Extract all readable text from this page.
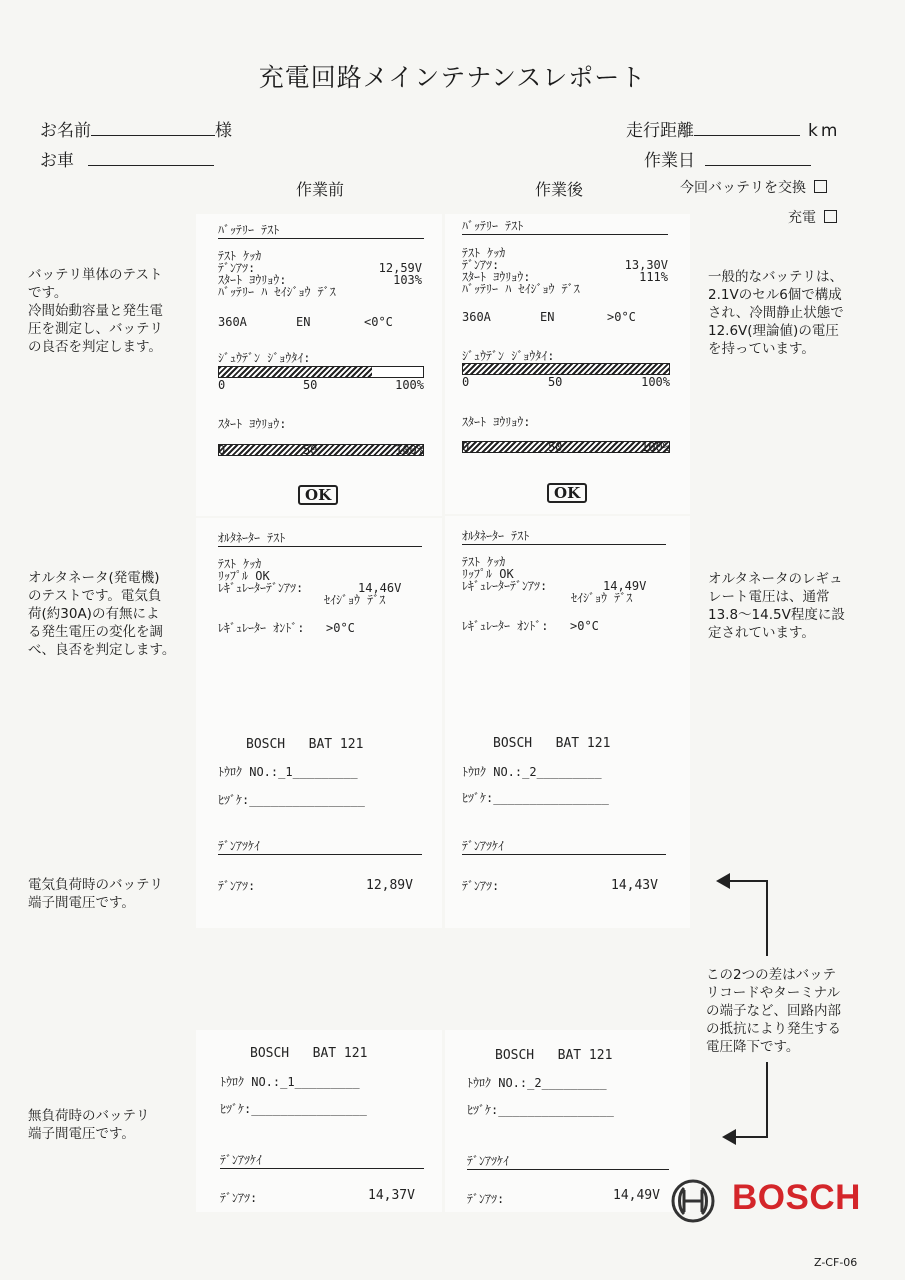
充電回路メインテナンスレポート
お名前	様
お車
走行距離	km
作業日
今回バッテリを交換
充電
作業前	作業後
バッテリ単体のテスト
です。
冷間始動容量と発生電
圧を測定し、バッテリ
の良否を判定します。
オルタネータ(発電機)
のテストです。電気負
荷(約30A)の有無によ
る発生電圧の変化を調
べ、良否を判定します。
電気負荷時のバッテリ
端子間電圧です。
無負荷時のバッテリ
端子間電圧です。
一般的なバッテリは、
2.1Vのセル6個で構成
され、冷間静止状態で
12.6V(理論値)の電圧
を持っています。
オルタネータのレギュ
レート電圧は、通常
13.8〜14.5V程度に設
定されています。
この2つの差はバッテ
リコードやターミナル
の端子など、回路内部
の抵抗により発生する
電圧降下です。
ﾊﾞｯﾃﾘｰ ﾃｽﾄ
ﾃｽﾄ ｹｯｶ
ﾃﾞﾝｱﾂ:	12,59V
ｽﾀｰﾄ ﾖｳﾘｮｳ:	103%
ﾊﾞｯﾃﾘｰ ﾊ ｾｲｼﾞｮｳ ﾃﾞｽ
360A	EN	<0°C
ｼﾞｭｳﾃﾞﾝ ｼﾞｮｳﾀｲ:
0	50	100%
ｽﾀｰﾄ ﾖｳﾘｮｳ:
0	50	100%
OK
ﾊﾞｯﾃﾘｰ ﾃｽﾄ
ﾃｽﾄ ｹｯｶ
ﾃﾞﾝｱﾂ:	13,30V
ｽﾀｰﾄ ﾖｳﾘｮｳ:	111%
ﾊﾞｯﾃﾘｰ ﾊ ｾｲｼﾞｮｳ ﾃﾞｽ
360A	EN	>0°C
ｼﾞｭｳﾃﾞﾝ ｼﾞｮｳﾀｲ:
0	50	100%
ｽﾀｰﾄ ﾖｳﾘｮｳ:
0	50	100%
OK
ｵﾙﾀﾈｰﾀｰ ﾃｽﾄ
ﾃｽﾄ ｹｯｶ
ﾘｯﾌﾟﾙ OK
ﾚｷﾞｭﾚｰﾀｰﾃﾞﾝｱﾂ:	14,46V
ｾｲｼﾞｮｳ ﾃﾞｽ
ﾚｷﾞｭﾚｰﾀｰ ｵﾝﾄﾞ: >0°C
BOSCH   BAT 121
ﾄｳﾛｸ NO.:_1_________
ﾋﾂﾞｹ:________________
ﾃﾞﾝｱﾂｹｲ
ﾃﾞﾝｱﾂ:	12,89V
ｵﾙﾀﾈｰﾀｰ ﾃｽﾄ
ﾃｽﾄ ｹｯｶ
ﾘｯﾌﾟﾙ OK
ﾚｷﾞｭﾚｰﾀｰﾃﾞﾝｱﾂ:	14,49V
ｾｲｼﾞｮｳ ﾃﾞｽ
ﾚｷﾞｭﾚｰﾀｰ ｵﾝﾄﾞ: >0°C
BOSCH   BAT 121
ﾄｳﾛｸ NO.:_2_________
ﾋﾂﾞｹ:________________
ﾃﾞﾝｱﾂｹｲ
ﾃﾞﾝｱﾂ:	14,43V
BOSCH   BAT 121
ﾄｳﾛｸ NO.:_1_________
ﾋﾂﾞｹ:________________
ﾃﾞﾝｱﾂｹｲ
ﾃﾞﾝｱﾂ:	14,37V
BOSCH   BAT 121
ﾄｳﾛｸ NO.:_2_________
ﾋﾂﾞｹ:________________
ﾃﾞﾝｱﾂｹｲ
ﾃﾞﾝｱﾂ:	14,49V BOSCH
Z-CF-06
